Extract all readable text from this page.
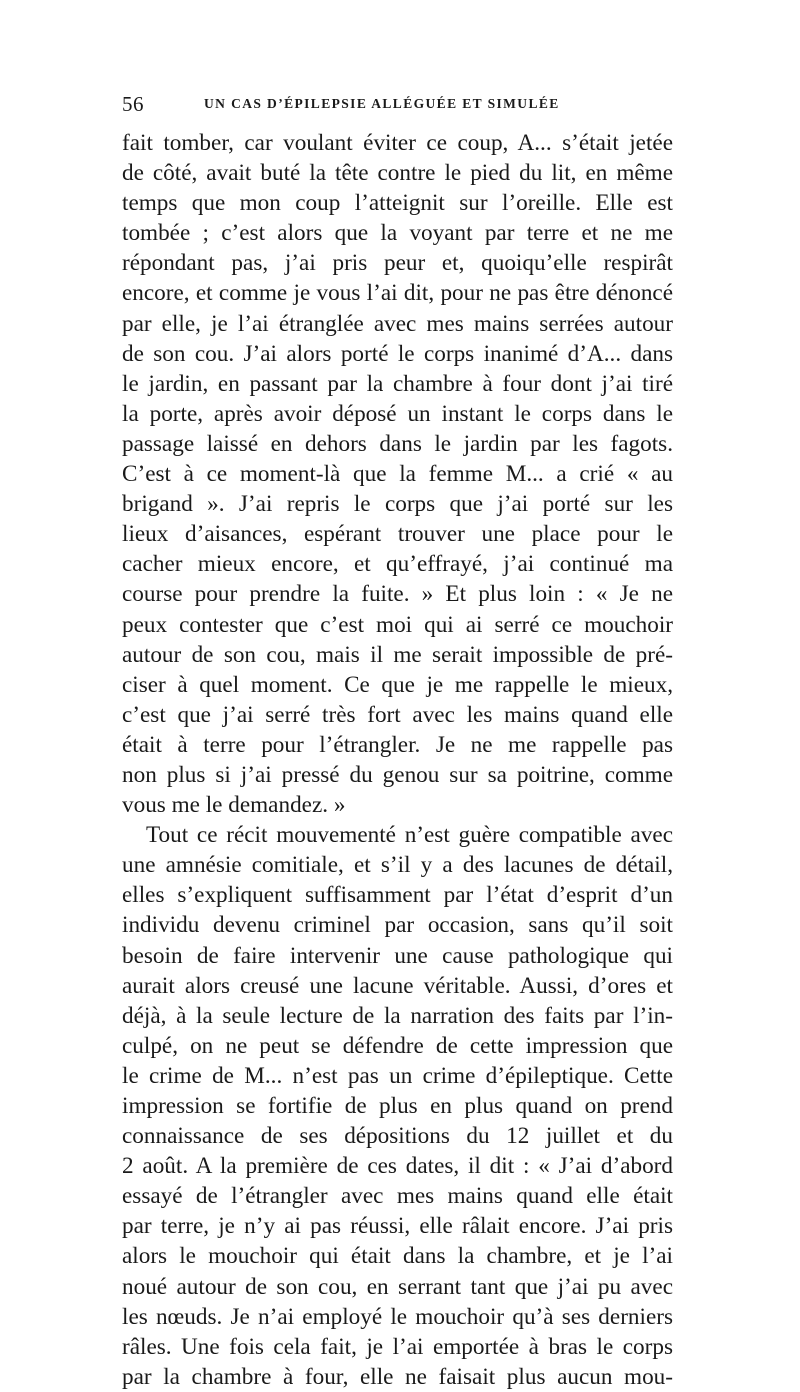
56	UN CAS D’ÉPILEPSIE ALLÉGUÉE ET SIMULÉE
fait tomber, car voulant éviter ce coup, A... s’était jetée
de côté, avait buté la tête contre le pied du lit, en même
temps que mon coup l’atteignit sur l’oreille. Elle est
tombée ; c’est alors que la voyant par terre et ne me
répondant pas, j’ai pris peur et, quoiqu’elle respirât
encore, et comme je vous l’ai dit, pour ne pas être dénoncé
par elle, je l’ai étranglée avec mes mains serrées autour
de son cou. J’ai alors porté le corps inanimé d’A... dans
le jardin, en passant par la chambre à four dont j’ai tiré
la porte, après avoir déposé un instant le corps dans le
passage laissé en dehors dans le jardin par les fagots.
C’est à ce moment-là que la femme M... a crié « au
brigand ». J’ai repris le corps que j’ai porté sur les
lieux d’aisances, espérant trouver une place pour le
cacher mieux encore, et qu’effrayé, j’ai continué ma
course pour prendre la fuite. » Et plus loin : « Je ne
peux contester que c’est moi qui ai serré ce mouchoir
autour de son cou, mais il me serait impossible de pré-
ciser à quel moment. Ce que je me rappelle le mieux,
c’est que j’ai serré très fort avec les mains quand elle
était à terre pour l’étrangler. Je ne me rappelle pas
non plus si j’ai pressé du genou sur sa poitrine, comme
vous me le demandez. »
Tout ce récit mouvementé n’est guère compatible avec
une amnésie comitiale, et s’il y a des lacunes de détail,
elles s’expliquent suffisamment par l’état d’esprit d’un
individu devenu criminel par occasion, sans qu’il soit
besoin de faire intervenir une cause pathologique qui
aurait alors creusé une lacune véritable. Aussi, d’ores et
déjà, à la seule lecture de la narration des faits par l’in-
culpé, on ne peut se défendre de cette impression que
le crime de M... n’est pas un crime d’épileptique. Cette
impression se fortifie de plus en plus quand on prend
connaissance de ses dépositions du 12 juillet et du
2 août. A la première de ces dates, il dit : « J’ai d’abord
essayé de l’étrangler avec mes mains quand elle était
par terre, je n’y ai pas réussi, elle râlait encore. J’ai pris
alors le mouchoir qui était dans la chambre, et je l’ai
noué autour de son cou, en serrant tant que j’ai pu avec
les nœuds. Je n’ai employé le mouchoir qu’à ses derniers
râles. Une fois cela fait, je l’ai emportée à bras le corps
par la chambre à four, elle ne faisait plus aucun mou-
